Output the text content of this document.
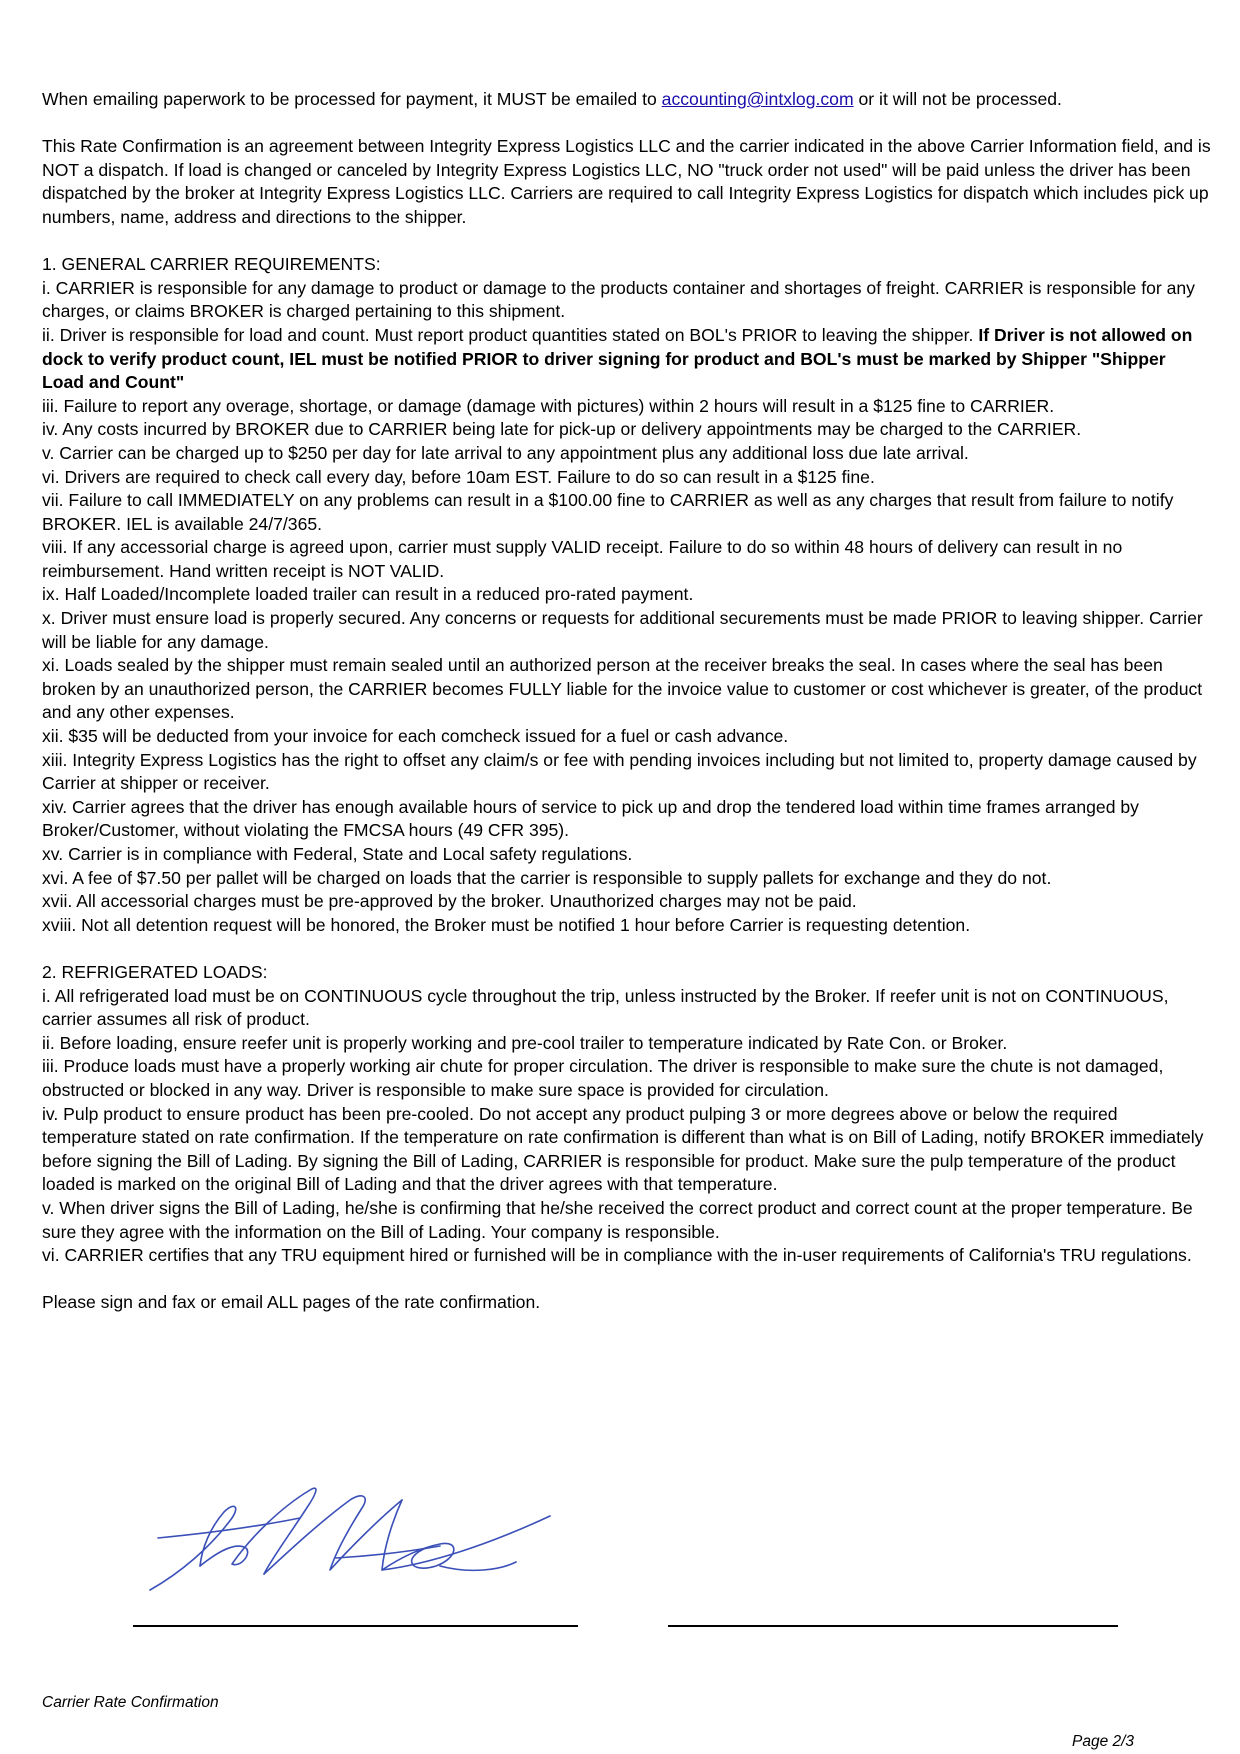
When emailing paperwork to be processed for payment, it MUST be emailed to accounting@intxlog.com or it will not be processed.

This Rate Confirmation is an agreement between Integrity Express Logistics LLC and the carrier indicated in the above Carrier Information field, and is NOT a dispatch. If load is changed or canceled by Integrity Express Logistics LLC, NO "truck order not used" will be paid unless the driver has been dispatched by the broker at Integrity Express Logistics LLC. Carriers are required to call Integrity Express Logistics for dispatch which includes pick up numbers, name, address and directions to the shipper.

1. GENERAL CARRIER REQUIREMENTS:

i. CARRIER is responsible for any damage to product or damage to the products container and shortages of freight. CARRIER is responsible for any charges, or claims BROKER is charged pertaining to this shipment.

ii. Driver is responsible for load and count. Must report product quantities stated on BOL's PRIOR to leaving the shipper. If Driver is not allowed on dock to verify product count, IEL must be notified PRIOR to driver signing for product and BOL's must be marked by Shipper "Shipper Load and Count"

iii. Failure to report any overage, shortage, or damage (damage with pictures) within 2 hours will result in a $125 fine to CARRIER.

iv. Any costs incurred by BROKER due to CARRIER being late for pick-up or delivery appointments may be charged to the CARRIER.

v. Carrier can be charged up to $250 per day for late arrival to any appointment plus any additional loss due late arrival.

vi. Drivers are required to check call every day, before 10am EST. Failure to do so can result in a $125 fine.

vii. Failure to call IMMEDIATELY on any problems can result in a $100.00 fine to CARRIER as well as any charges that result from failure to notify BROKER. IEL is available 24/7/365.

viii. If any accessorial charge is agreed upon, carrier must supply VALID receipt. Failure to do so within 48 hours of delivery can result in no reimbursement. Hand written receipt is NOT VALID.

ix. Half Loaded/Incomplete loaded trailer can result in a reduced pro-rated payment.

x. Driver must ensure load is properly secured. Any concerns or requests for additional securements must be made PRIOR to leaving shipper. Carrier will be liable for any damage.

xi. Loads sealed by the shipper must remain sealed until an authorized person at the receiver breaks the seal. In cases where the seal has been broken by an unauthorized person, the CARRIER becomes FULLY liable for the invoice value to customer or cost whichever is greater, of the product and any other expenses.

xii. $35 will be deducted from your invoice for each comcheck issued for a fuel or cash advance.

xiii. Integrity Express Logistics has the right to offset any claim/s or fee with pending invoices including but not limited to, property damage caused by Carrier at shipper or receiver.

xiv. Carrier agrees that the driver has enough available hours of service to pick up and drop the tendered load within time frames arranged by Broker/Customer, without violating the FMCSA hours (49 CFR 395).

xv. Carrier is in compliance with Federal, State and Local safety regulations.

xvi. A fee of $7.50 per pallet will be charged on loads that the carrier is responsible to supply pallets for exchange and they do not.

xvii. All accessorial charges must be pre-approved by the broker. Unauthorized charges may not be paid.

xviii. Not all detention request will be honored, the Broker must be notified 1 hour before Carrier is requesting detention.

2. REFRIGERATED LOADS:

i. All refrigerated load must be on CONTINUOUS cycle throughout the trip, unless instructed by the Broker. If reefer unit is not on CONTINUOUS, carrier assumes all risk of product.

ii. Before loading, ensure reefer unit is properly working and pre-cool trailer to temperature indicated by Rate Con. or Broker.

iii. Produce loads must have a properly working air chute for proper circulation. The driver is responsible to make sure the chute is not damaged, obstructed or blocked in any way. Driver is responsible to make sure space is provided for circulation.

iv. Pulp product to ensure product has been pre-cooled. Do not accept any product pulping 3 or more degrees above or below the required temperature stated on rate confirmation. If the temperature on rate confirmation is different than what is on Bill of Lading, notify BROKER immediately before signing the Bill of Lading. By signing the Bill of Lading, CARRIER is responsible for product. Make sure the pulp temperature of the product loaded is marked on the original Bill of Lading and that the driver agrees with that temperature.

v. When driver signs the Bill of Lading, he/she is confirming that he/she received the correct product and correct count at the proper temperature. Be sure they agree with the information on the Bill of Lading. Your company is responsible.

vi. CARRIER certifies that any TRU equipment hired or furnished will be in compliance with the in-user requirements of California's TRU regulations.

Please sign and fax or email ALL pages of the rate confirmation.

Carrier Rate Confirmation
Page 2/3
